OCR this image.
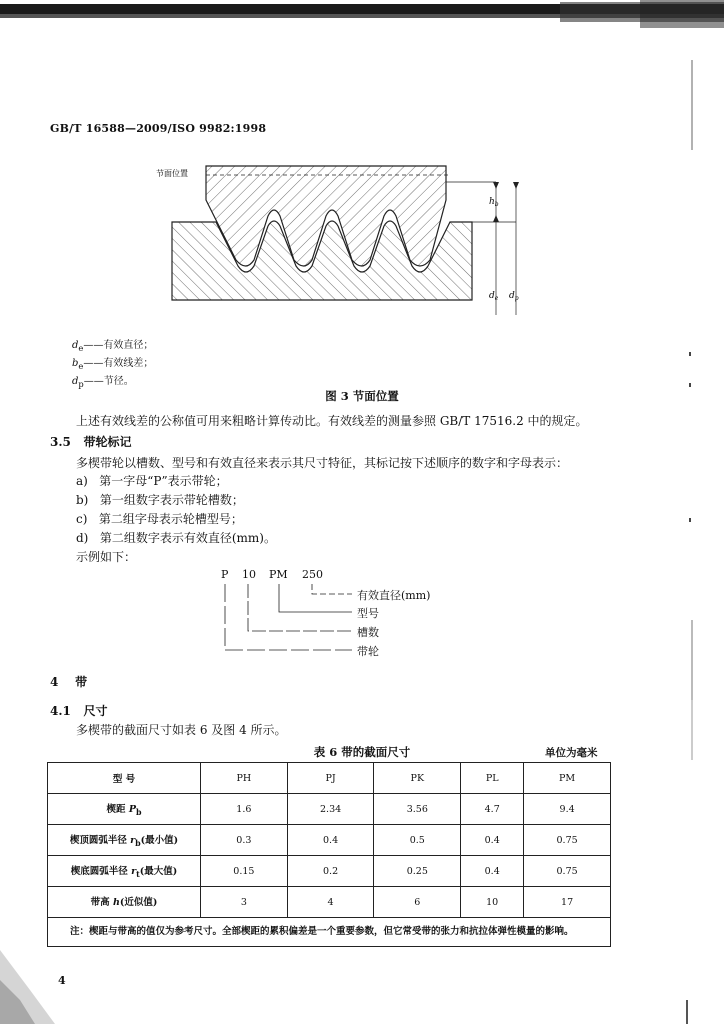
GB/T 16588—2009/ISO 9982:1998
$h_b$
$d_e$ $d_p$
节面位置
$d_e——$有效直径；
$b_e——$有效线差；
$d_p——$节径。
图 3 节面位置
上述有效线差的公称值可用来粗略计算传动比。有效线差的测量参照 GB/T 17516.2 中的规定。
3.5 带轮标记
多楔带轮以槽数、型号和有效直径来表示其尺寸特征，其标记按下述顺序的数字和字母表示：
a) 第一字母“P”表示带轮；
b) 第一组数字表示带轮槽数；
c) 第二组字母表示轮槽型号；
d) 第二组数字表示有效直径(mm)。
示例如下：
P 10 PM 250
有效直径(mm)
型号
槽数
带轮
4 带
4.1 尺寸
多楔带的截面尺寸如表 6 及图 4 所示。
表 6 带的截面尺寸	单位为毫米
型 号	PH	PJ	PK	PL	PM
楔距 $P_b$	1.6	2.34	3.56	4.7	9.4
楔顶圆弧半径 $r_b$(最小值)	0.3	0.4	0.5	0.4	0.75
楔底圆弧半径 $r_t$(最大值)	0.15	0.2	0.25	0.4	0.75
带高 h(近似值)	3	4	6	10	17
注：楔距与带高的值仅为参考尺寸。全部楔距的累积偏差是一个重要参数，但它常受带的张力和抗拉体弹性模量的影响。					
4
